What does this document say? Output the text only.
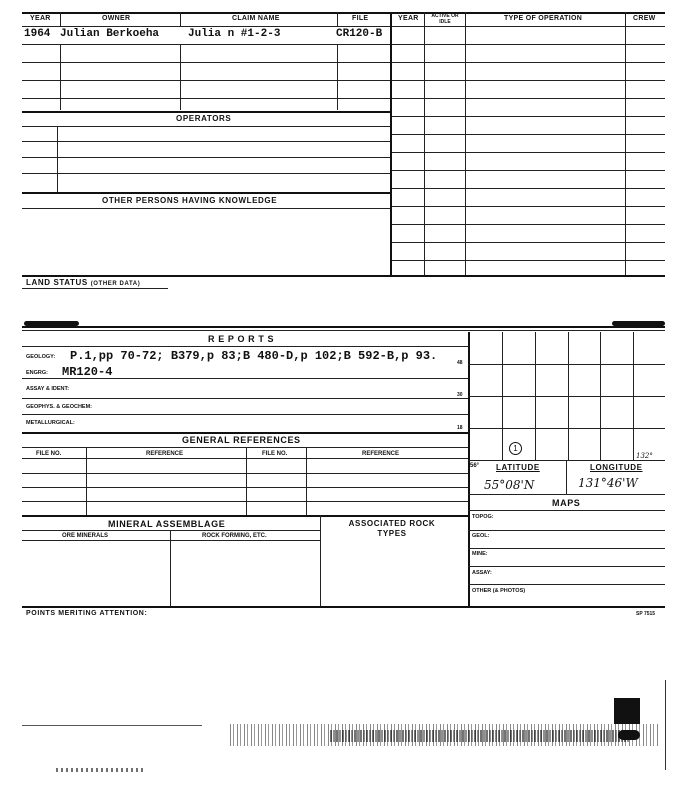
YEAR	OWNER	CLAIM NAME	FILE	YEAR	ACTIVE OR IDLE	TYPE OF OPERATION	CREW
1964 Julian Berkoeha	Julia n #1-2-3	CR120-B
OPERATORS
OTHER PERSONS HAVING KNOWLEDGE
LAND STATUS (OTHER DATA)
R E P O R T S
GEOLOGY: P.1,pp 70-72; B379,p 83;B 480-D,p 102;B 592-B,p 93.
ENGRG: MR120-4
48
ASSAY & IDENT:
30
GEOPHYS. & GEOCHEM:
METALLURGICAL:
18
GENERAL REFERENCES
FILE NO.	REFERENCE	FILE NO.	REFERENCE
MINERAL ASSEMBLAGE	ASSOCIATED ROCK TYPES
ORE MINERALS	ROCK FORMING, ETC.
1
132°
56° LATITUDE	LONGITUDE
55°08'N	131°46'W
MAPS
TOPOG:
GEOL:
MINE:
ASSAY:
OTHER (& PHOTOS)
POINTS MERITING ATTENTION:	SP 7515
